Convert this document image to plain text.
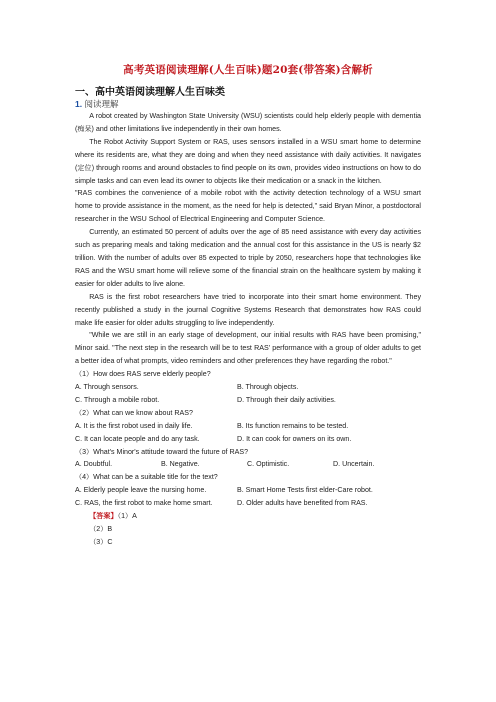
高考英语阅读理解(人生百味)题20套(带答案)含解析
一、高中英语阅读理解人生百味类
1. 阅读理解

A robot created by Washington State University (WSU) scientists could help elderly people with dementia (痴呆) and other limitations live independently in their own homes.

The Robot Activity Support System or RAS, uses sensors installed in a WSU smart home to determine where its residents are, what they are doing and when they need assistance with daily activities. It navigates (定位) through rooms and around obstacles to find people on its own, provides video instructions on how to do simple tasks and can even lead its owner to objects like their medication or a snack in the kitchen.

"RAS combines the convenience of a mobile robot with the activity detection technology of a WSU smart home to provide assistance in the moment, as the need for help is detected," said Bryan Minor, a postdoctoral researcher in the WSU School of Electrical Engineering and Computer Science.

Currently, an estimated 50 percent of adults over the age of 85 need assistance with every day activities such as preparing meals and taking medication and the annual cost for this assistance in the US is nearly $2 trillion. With the number of adults over 85 expected to triple by 2050, researchers hope that technologies like RAS and the WSU smart home will relieve some of the financial strain on the healthcare system by making it easier for older adults to live alone.

RAS is the first robot researchers have tried to incorporate into their smart home environment. They recently published a study in the journal Cognitive Systems Research that demonstrates how RAS could make life easier for older adults struggling to live independently.

"While we are still in an early stage of development, our initial results with RAS have been promising," Minor said. "The next step in the research will be to test RAS' performance with a group of older adults to get a better idea of what prompts, video reminders and other preferences they have regarding the robot."

（1）How does RAS serve elderly people?

A. Through sensors.	B. Through objects.

C. Through a mobile robot.	D. Through their daily activities.

（2）What can we know about RAS?

A. It is the first robot used in daily life.	B. Its function remains to be tested.

C. It can locate people and do any task.	D. It can cook for owners on its own.

（3）What's Minor's attitude toward the future of RAS?

A. Doubtful.	B. Negative.	C. Optimistic.	D. Uncertain.

（4）What can be a suitable title for the text?

A. Elderly people leave the nursing home.	B. Smart Home Tests first elder-Care robot.

C. RAS, the first robot to make home smart.	D. Older adults have benefited from RAS.

【答案】（1）A

（2）B

（3）C
